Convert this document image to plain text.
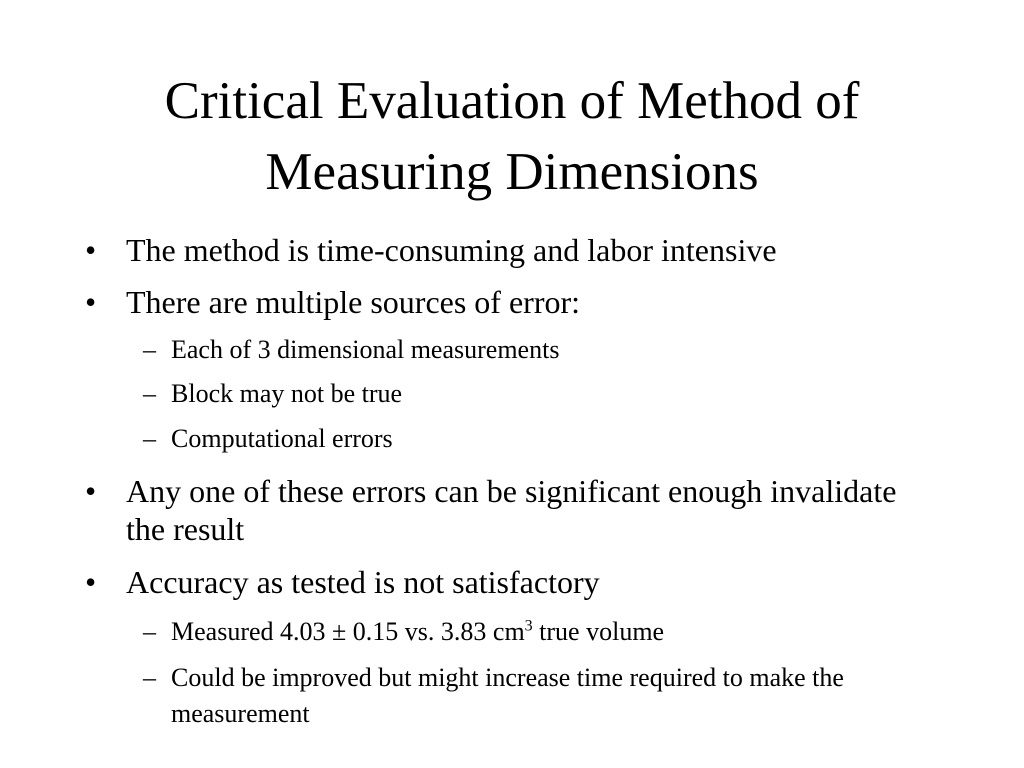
Critical Evaluation of Method of
Measuring Dimensions
• The method is time-consuming and labor intensive
• There are multiple sources of error:
– Each of 3 dimensional measurements
– Block may not be true
– Computational errors
• Any one of these errors can be significant enough invalidate the result
• Accuracy as tested is not satisfactory
– Measured 4.03 ± 0.15 vs. 3.83 $cm^3$ true volume
– Could be improved but might increase time required to make the measurement
